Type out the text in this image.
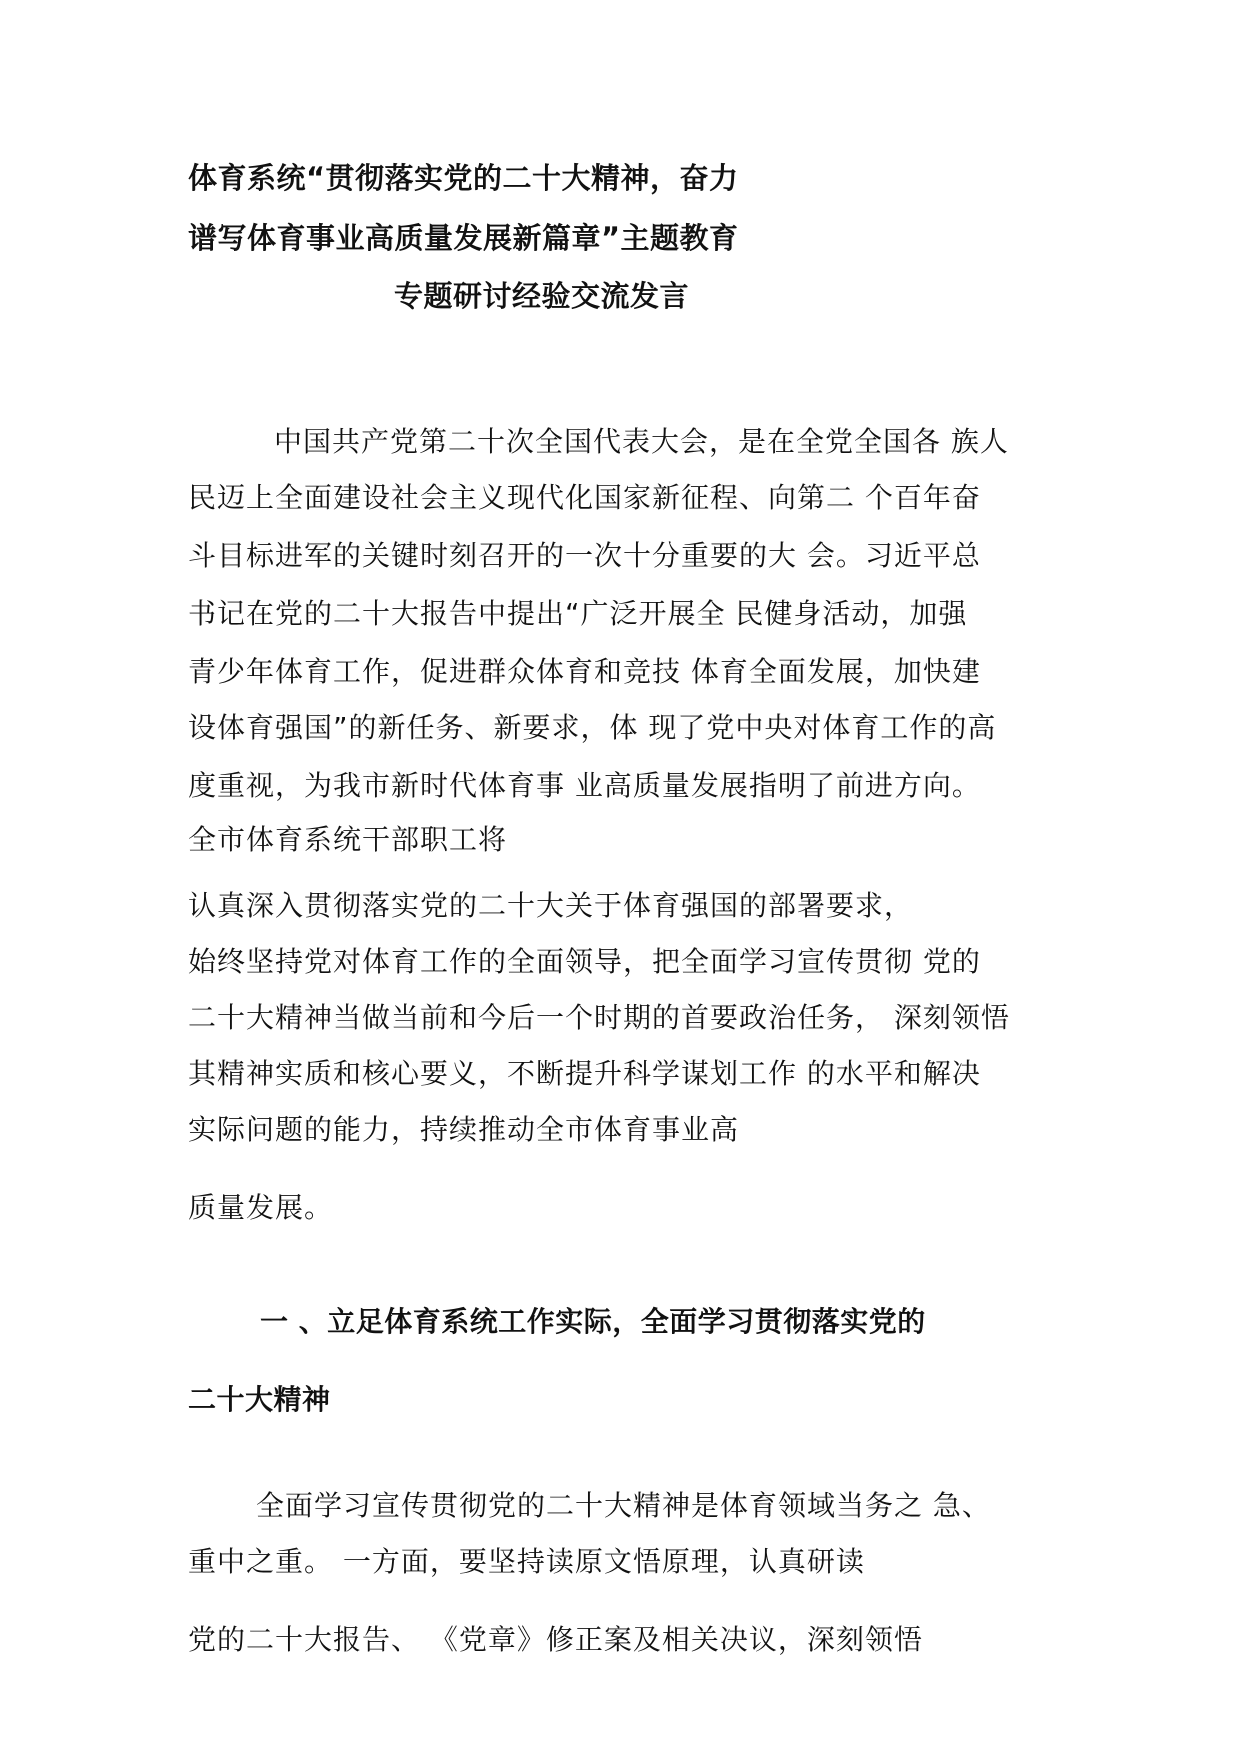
体育系统“贯彻落实党的二十大精神，奋力
谱写体育事业高质量发展新篇章”主题教育
专题研讨经验交流发言
中国共产党第二十次全国代表大会，是在全党全国各 族人
民迈上全面建设社会主义现代化国家新征程、向第二 个百年奋
斗目标进军的关键时刻召开的一次十分重要的大 会。习近平总
书记在党的二十大报告中提出“广泛开展全 民健身活动，加强
青少年体育工作，促进群众体育和竞技 体育全面发展，加快建
设体育强国”的新任务、新要求，体 现了党中央对体育工作的高
度重视，为我市新时代体育事 业高质量发展指明了前进方向。
全市体育系统干部职工将
认真深入贯彻落实党的二十大关于体育强国的部署要求，
始终坚持党对体育工作的全面领导，把全面学习宣传贯彻 党的
二十大精神当做当前和今后一个时期的首要政治任务， 深刻领悟
其精神实质和核心要义，不断提升科学谋划工作 的水平和解决
实际问题的能力，持续推动全市体育事业高
质量发展。
一 、立足体育系统工作实际，全面学习贯彻落实党的
二十大精神
全面学习宣传贯彻党的二十大精神是体育领域当务之 急、
重中之重。 一方面，要坚持读原文悟原理，认真研读
党的二十大报告、 《党章》修正案及相关决议，深刻领悟
